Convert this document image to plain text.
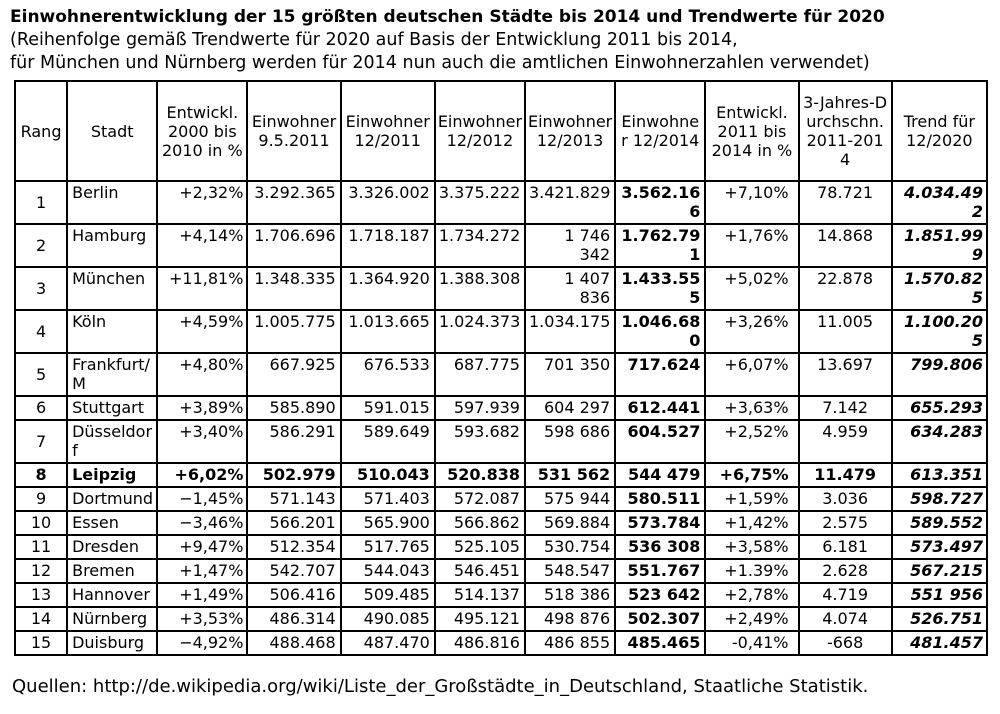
Einwohnerentwicklung der 15 größten deutschen Städte bis 2014 und Trendwerte für 2020
(Reihenfolge gemäß Trendwerte für 2020 auf Basis der Entwicklung 2011 bis 2014,
für München und Nürnberg werden für 2014 nun auch die amtlichen Einwohnerzahlen verwendet)
Rang	Stadt	Entwickl. 2000 bis 2010 in %	Einwohner 9.5.2011	Einwohner 12/2011	Einwohner 12/2012	Einwohner 12/2013	Einwohner 12/2014	Entwickl. 2011 bis 2014 in %	3-Jahres-Durchschn. 2011-2014	Trend für 12/2020
1	Berlin	+2,32%	3.292.365	3.326.002	3.375.222	3.421.829	3.562.166	+7,10%	78.721	4.034.492
2	Hamburg	+4,14%	1.706.696	1.718.187	1.734.272	1 746 342	1.762.791	+1,76%	14.868	1.851.999
3	München	+11,81%	1.348.335	1.364.920	1.388.308	1 407 836	1.433.555	+5,02%	22.878	1.570.825
4	Köln	+4,59%	1.005.775	1.013.665	1.024.373	1.034.175	1.046.680	+3,26%	11.005	1.100.205
5	Frankfurt/M	+4,80%	667.925	676.533	687.775	701 350	717.624	+6,07%	13.697	799.806
6	Stuttgart	+3,89%	585.890	591.015	597.939	604 297	612.441	+3,63%	7.142	655.293
7	Düsseldorf	+3,40%	586.291	589.649	593.682	598 686	604.527	+2,52%	4.959	634.283
8	Leipzig	+6,02%	502.979	510.043	520.838	531 562	544 479	+6,75%	11.479	613.351
9	Dortmund	−1,45%	571.143	571.403	572.087	575 944	580.511	+1,59%	3.036	598.727
10	Essen	−3,46%	566.201	565.900	566.862	569.884	573.784	+1,42%	2.575	589.552
11	Dresden	+9,47%	512.354	517.765	525.105	530.754	536 308	+3,58%	6.181	573.497
12	Bremen	+1,47%	542.707	544.043	546.451	548.547	551.767	+1.39%	2.628	567.215
13	Hannover	+1,49%	506.416	509.485	514.137	518 386	523 642	+2,78%	4.719	551 956
14	Nürnberg	+3,53%	486.314	490.085	495.121	498 876	502.307	+2,49%	4.074	526.751
15	Duisburg	−4,92%	488.468	487.470	486.816	486 855	485.465	-0,41%	-668	481.457
Quellen: http://de.wikipedia.org/wiki/Liste_der_Großstädte_in_Deutschland, Staatliche Statistik.
